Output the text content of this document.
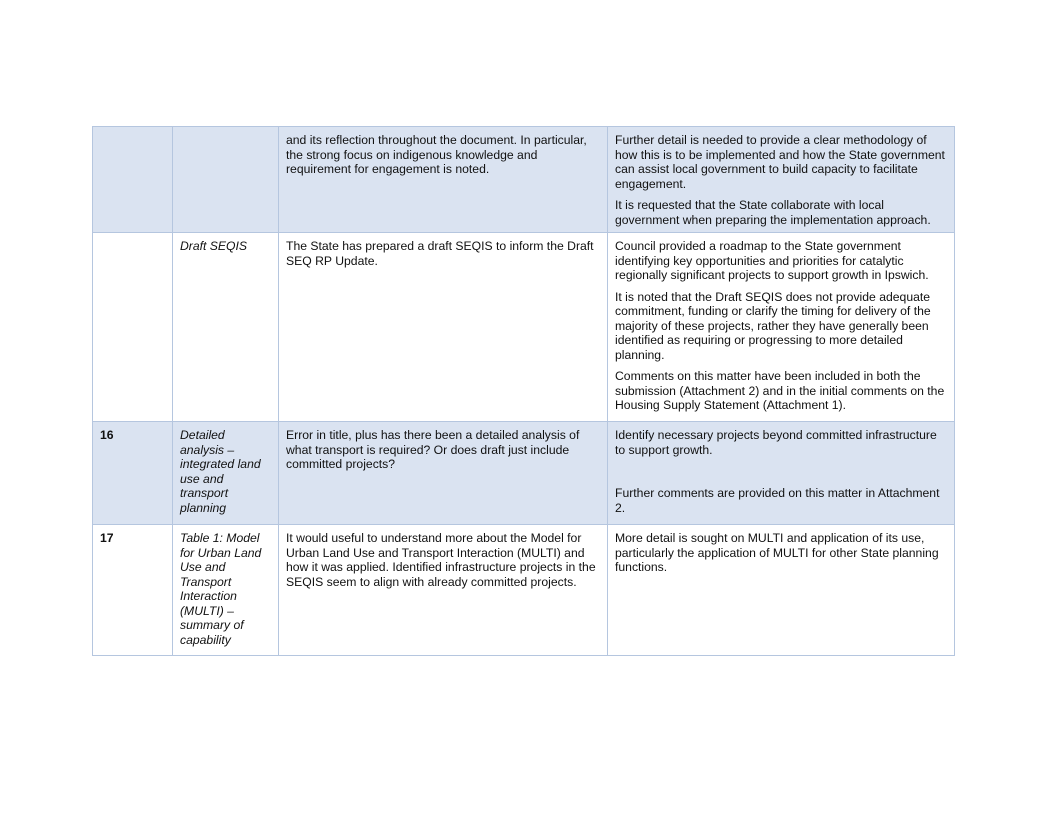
		and its reflection throughout the document. In particular, the strong focus on indigenous knowledge and requirement for engagement is noted.	Further detail is needed to provide a clear methodology of how this is to be implemented and how the State government can assist local government to build capacity to facilitate engagement.

It is requested that the State collaborate with local government when preparing the implementation approach.

	Draft SEQIS	The State has prepared a draft SEQIS to inform the Draft SEQ RP Update.	Council provided a roadmap to the State government identifying key opportunities and priorities for catalytic regionally significant projects to support growth in Ipswich.

It is noted that the Draft SEQIS does not provide adequate commitment, funding or clarify the timing for delivery of the majority of these projects, rather they have generally been identified as requiring or progressing to more detailed planning.

Comments on this matter have been included in both the submission (Attachment 2) and in the initial comments on the Housing Supply Statement (Attachment 1).

16	Detailed analysis – integrated land use and transport planning	Error in title, plus has there been a detailed analysis of what transport is required? Or does draft just include committed projects?	Identify necessary projects beyond committed infrastructure to support growth.

Further comments are provided on this matter in Attachment 2.

17	Table 1: Model for Urban Land Use and Transport Interaction (MULTI) – summary of capability	It would useful to understand more about the Model for Urban Land Use and Transport Interaction (MULTI) and how it was applied. Identified infrastructure projects in the SEQIS seem to align with already committed projects.	More detail is sought on MULTI and application of its use, particularly the application of MULTI for other State planning functions.
